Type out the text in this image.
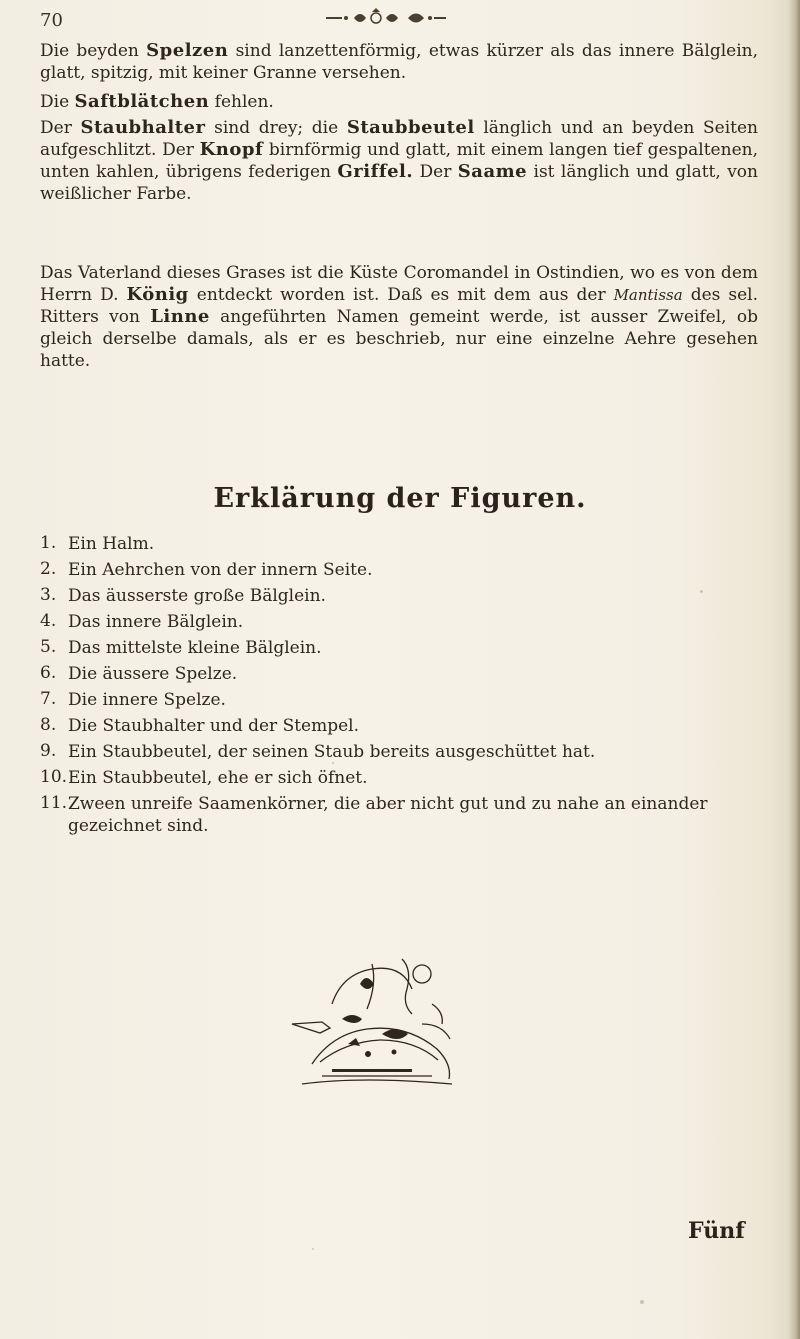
70
Die beyden Spelzen sind lanzettenförmig, etwas kürzer als das innere Bälglein, glatt, spitzig, mit keiner Granne versehen.
Die Saftblätchen fehlen.
Der Staubhalter sind drey; die Staubbeutel länglich und an beyden Seiten aufgeschlitzt. Der Knopf birnförmig und glatt, mit einem langen tief gespaltenen, unten kahlen, übrigens federigen Griffel. Der Saame ist länglich und glatt, von weißlicher Farbe.
Das Vaterland dieses Grases ist die Küste Coromandel in Ostindien, wo es von dem Herrn D. König entdeckt worden ist. Daß es mit dem aus der Mantissa des sel. Ritters von Linne angeführten Namen gemeint werde, ist ausser Zweifel, ob gleich derselbe damals, als er es beschrieb, nur eine einzelne Aehre gesehen hatte.
Erklärung der Figuren.
1. Ein Halm.
2. Ein Aehrchen von der innern Seite.
3. Das äusserste große Bälglein.
4. Das innere Bälglein.
5. Das mittelste kleine Bälglein.
6. Die äussere Spelze.
7. Die innere Spelze.
8. Die Staubhalter und der Stempel.
9. Ein Staubbeutel, der seinen Staub bereits ausgeschüttet hat.
10. Ein Staubbeutel, ehe er sich öfnet.
11. Zween unreife Saamenkörner, die aber nicht gut und zu nahe an einander gezeichnet sind.
Fünf
